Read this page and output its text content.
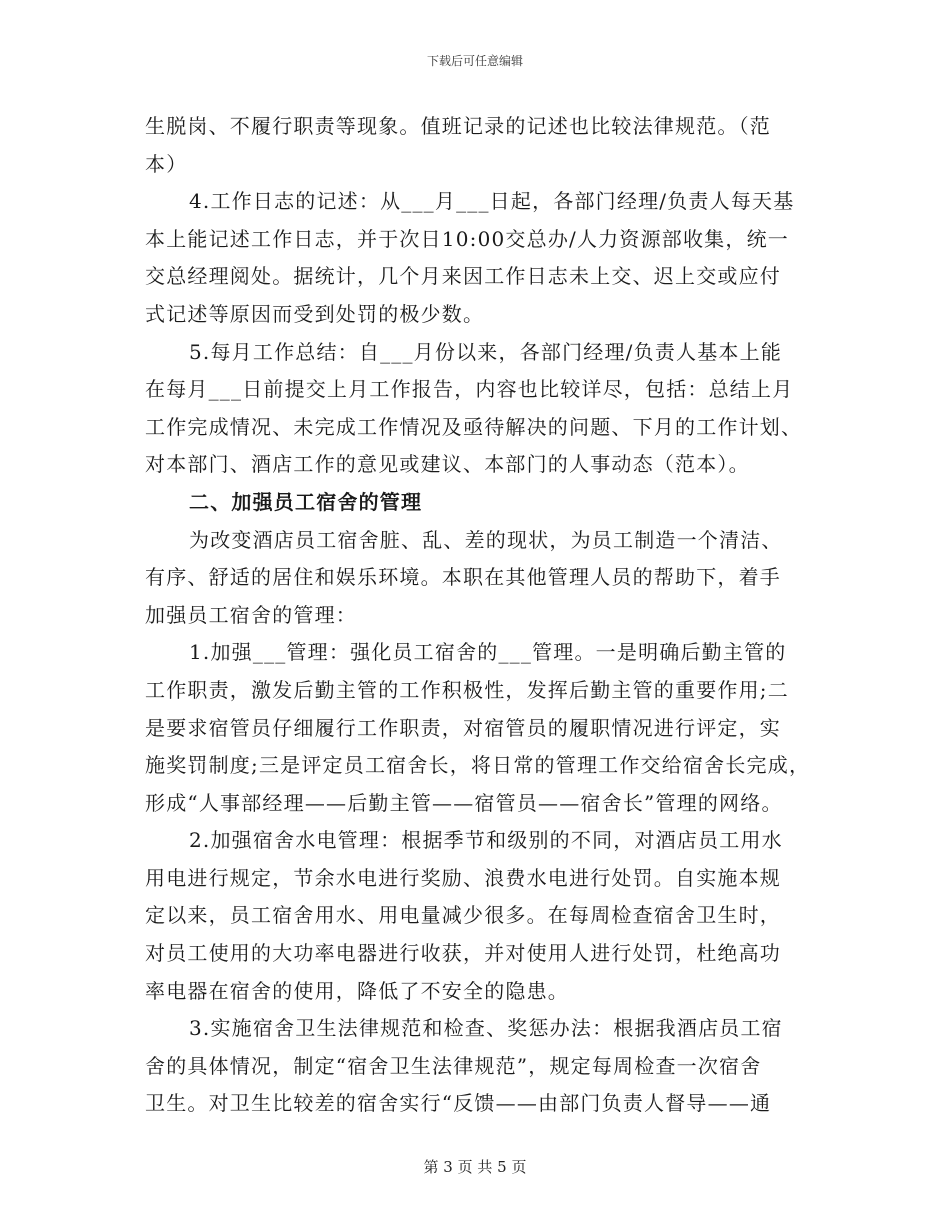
下载后可任意编辑
生脱岗、不履行职责等现象。值班记录的记述也比较法律规范。（范
本）
4.工作日志的记述：从___月___日起，各部门经理/负责人每天基
本上能记述工作日志，并于次日10:00交总办/人力资源部收集，统一
交总经理阅处。据统计，几个月来因工作日志未上交、迟上交或应付
式记述等原因而受到处罚的极少数。
5.每月工作总结：自___月份以来，各部门经理/负责人基本上能
在每月___日前提交上月工作报告，内容也比较详尽，包括：总结上月
工作完成情况、未完成工作情况及亟待解决的问题、下月的工作计划、
对本部门、酒店工作的意见或建议、本部门的人事动态（范本）。
二、加强员工宿舍的管理
为改变酒店员工宿舍脏、乱、差的现状，为员工制造一个清洁、
有序、舒适的居住和娱乐环境。本职在其他管理人员的帮助下，着手
加强员工宿舍的管理：
1.加强___管理：强化员工宿舍的___管理。一是明确后勤主管的
工作职责，激发后勤主管的工作积极性，发挥后勤主管的重要作用;二
是要求宿管员仔细履行工作职责，对宿管员的履职情况进行评定，实
施奖罚制度;三是评定员工宿舍长，将日常的管理工作交给宿舍长完成，
形成“人事部经理——后勤主管——宿管员——宿舍长”管理的网络。
2.加强宿舍水电管理：根据季节和级别的不同，对酒店员工用水
用电进行规定，节余水电进行奖励、浪费水电进行处罚。自实施本规
定以来，员工宿舍用水、用电量减少很多。在每周检查宿舍卫生时，
对员工使用的大功率电器进行收获，并对使用人进行处罚，杜绝高功
率电器在宿舍的使用，降低了不安全的隐患。
3.实施宿舍卫生法律规范和检查、奖惩办法：根据我酒店员工宿
舍的具体情况，制定“宿舍卫生法律规范”，规定每周检查一次宿舍
卫生。对卫生比较差的宿舍实行“反馈——由部门负责人督导——通
第 3 页 共 5 页
